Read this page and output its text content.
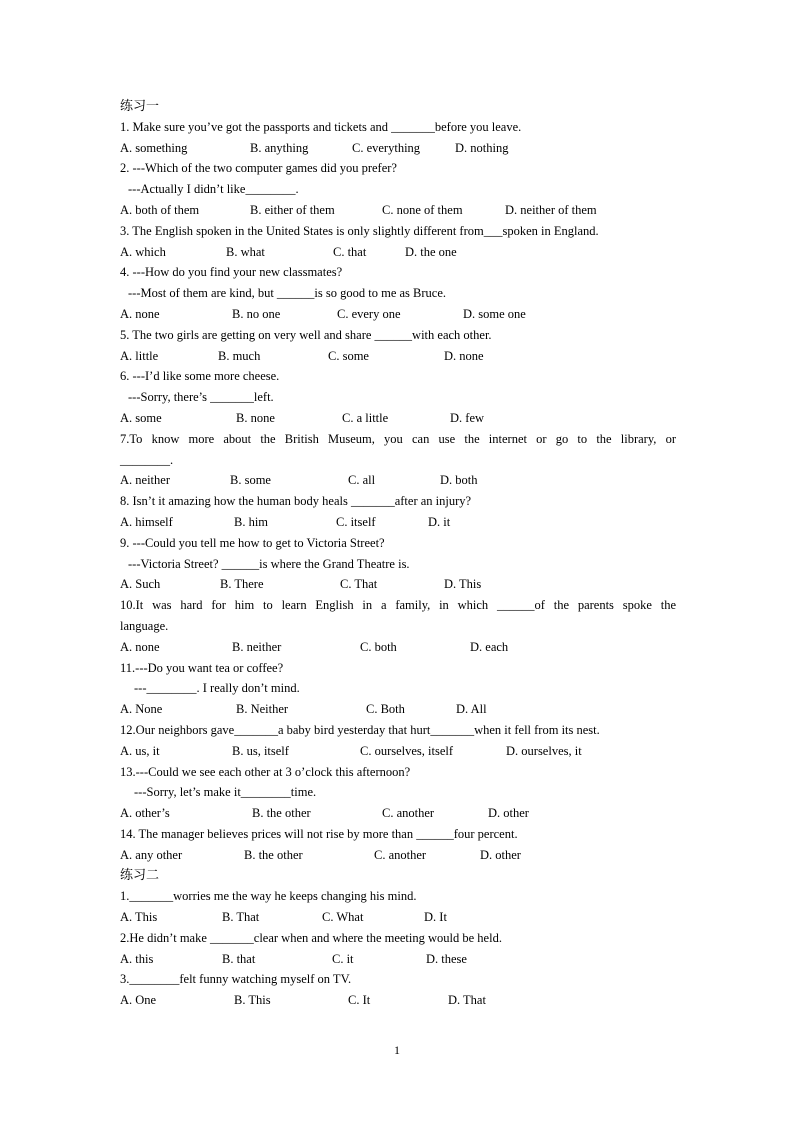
练习一
1. Make sure you’ve got the passports and tickets and _______before you leave.
A. something	B. anything	C. everything	D. nothing
2. ---Which of the two computer games did you prefer?
---Actually I didn’t like________.
A. both of them	B. either of them	C. none of them	D. neither of them
3. The English spoken in the United States is only slightly different from___spoken in England.
A. which	B. what	C. that	D. the one
4. ---How do you find your new classmates?
---Most of them are kind, but ______is so good to me as Bruce.
A. none	B. no one	C. every one	D. some one
5. The two girls are getting on very well and share ______with each other.
A. little	B. much	C. some	D. none
6. ---I’d like some more cheese.
---Sorry, there’s _______left.
A. some	B. none	C. a little	D. few
7.To know more about the British Museum, you can use the internet or go to the library, or
________.
A. neither	B. some	C. all	D. both
8. Isn’t it amazing how the human body heals _______after an injury?
A. himself	B. him	C. itself	D. it
9. ---Could you tell me how to get to Victoria Street?
---Victoria Street? ______is where the Grand Theatre is.
A. Such	B. There	C. That	D. This
10.It was hard for him to learn English in a family, in which ______of the parents spoke the
language.
A. none	B. neither	C. both	D. each
11.---Do you want tea or coffee?
---________. I really don’t mind.
A. None	B. Neither	C. Both	D. All
12.Our neighbors gave_______a baby bird yesterday that hurt_______when it fell from its nest.
A. us, it	B. us, itself	C. ourselves, itself	D. ourselves, it
13.---Could we see each other at 3 o’clock this afternoon?
---Sorry, let’s make it________time.
A. other’s	B. the other	C. another	D. other
14. The manager believes prices will not rise by more than ______four percent.
A. any other	B. the other	C. another	D. other
练习二
1._______worries me the way he keeps changing his mind.
A. This	B. That	C. What	D. It
2.He didn’t make _______clear when and where the meeting would be held.
A. this	B. that	C. it	D. these
3.________felt funny watching myself on TV.
A. One	B. This	C. It	D. That
1
